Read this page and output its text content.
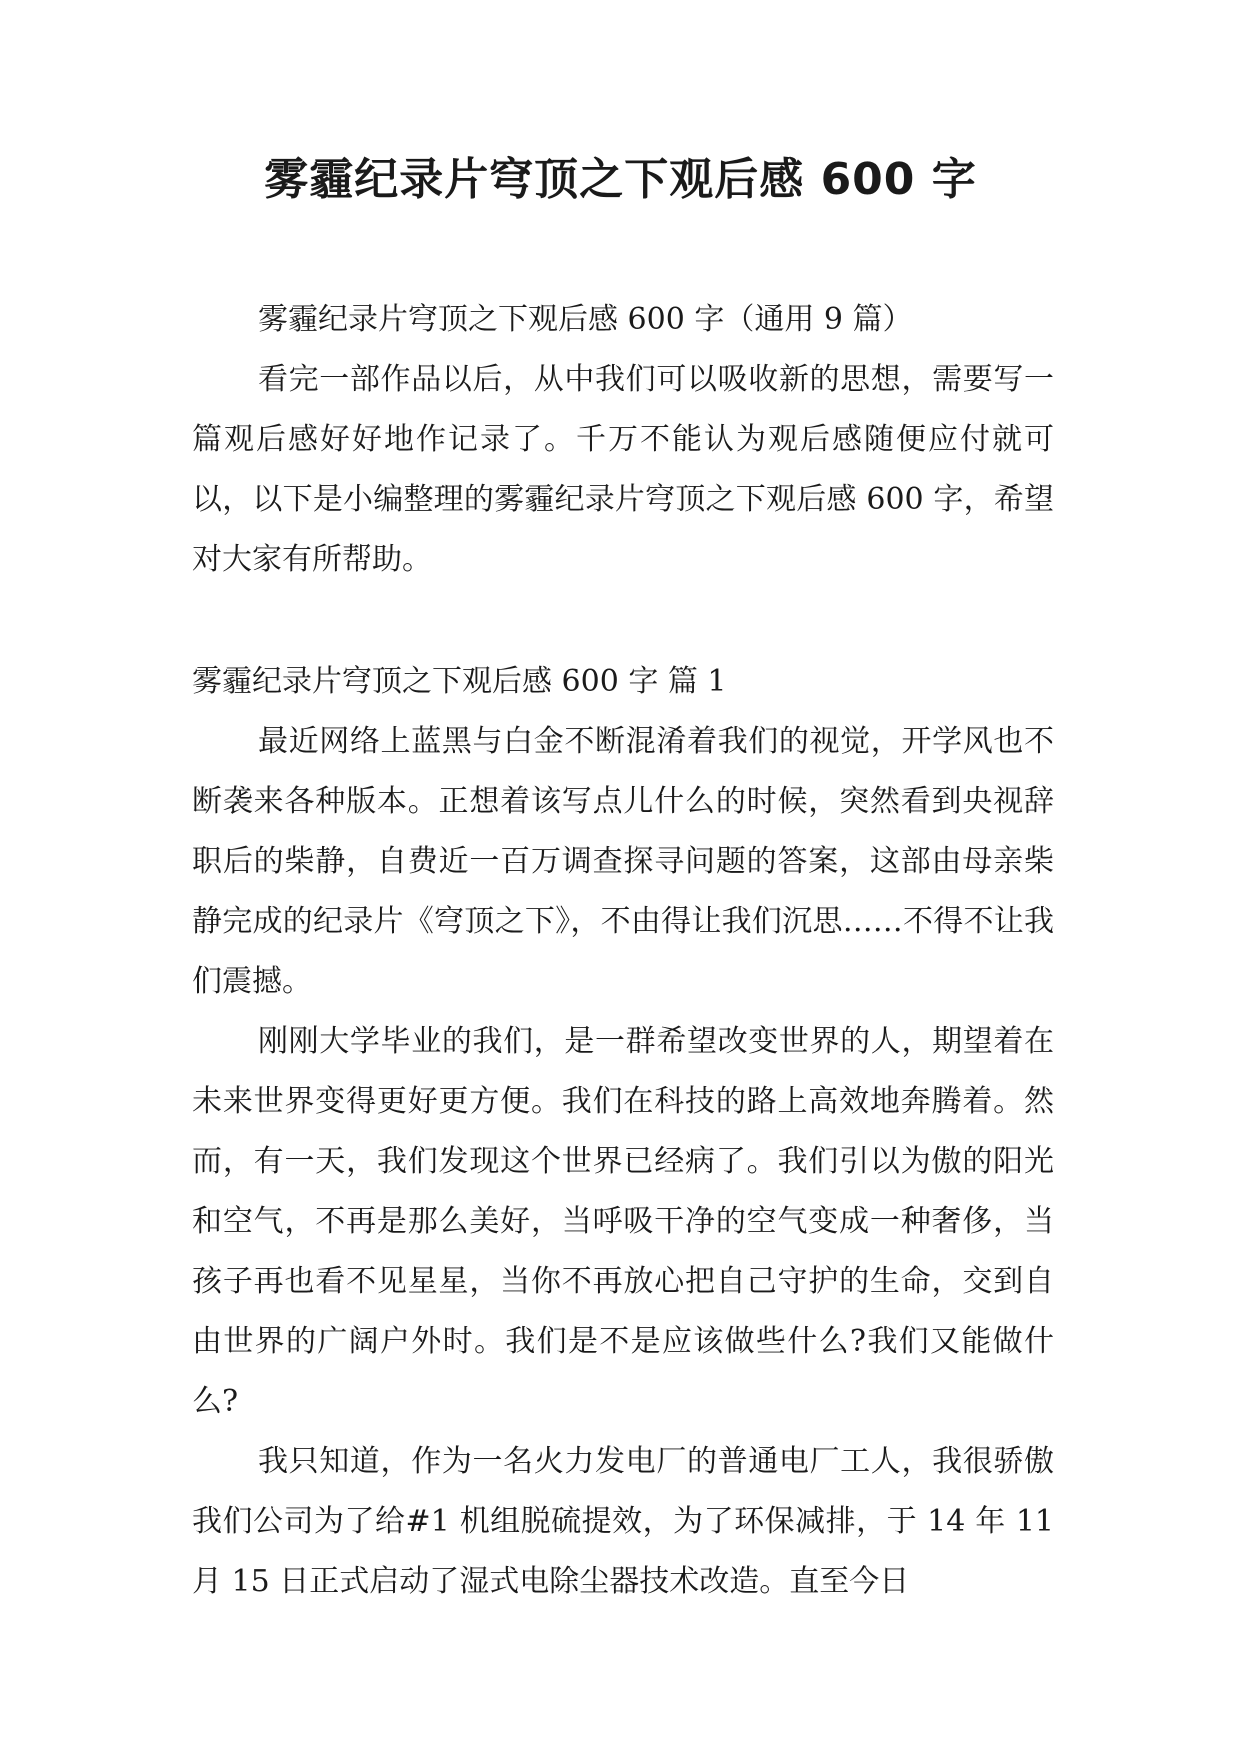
雾霾纪录片穹顶之下观后感 600 字

雾霾纪录片穹顶之下观后感 600 字（通用 9 篇）

看完一部作品以后，从中我们可以吸收新的思想，需要写一篇观后感好好地作记录了。千万不能认为观后感随便应付就可以，以下是小编整理的雾霾纪录片穹顶之下观后感 600 字，希望对大家有所帮助。

雾霾纪录片穹顶之下观后感 600 字 篇 1

最近网络上蓝黑与白金不断混淆着我们的视觉，开学风也不断袭来各种版本。正想着该写点儿什么的时候，突然看到央视辞职后的柴静，自费近一百万调查探寻问题的答案，这部由母亲柴静完成的纪录片《穹顶之下》，不由得让我们沉思……不得不让我们震撼。

刚刚大学毕业的我们，是一群希望改变世界的人，期望着在未来世界变得更好更方便。我们在科技的路上高效地奔腾着。然而，有一天，我们发现这个世界已经病了。我们引以为傲的阳光和空气，不再是那么美好，当呼吸干净的空气变成一种奢侈，当孩子再也看不见星星，当你不再放心把自己守护的生命，交到自由世界的广阔户外时。我们是不是应该做些什么?我们又能做什么?

我只知道，作为一名火力发电厂的普通电厂工人，我很骄傲我们公司为了给#1 机组脱硫提效，为了环保减排，于 14 年 11 月 15 日正式启动了湿式电除尘器技术改造。直至今日
